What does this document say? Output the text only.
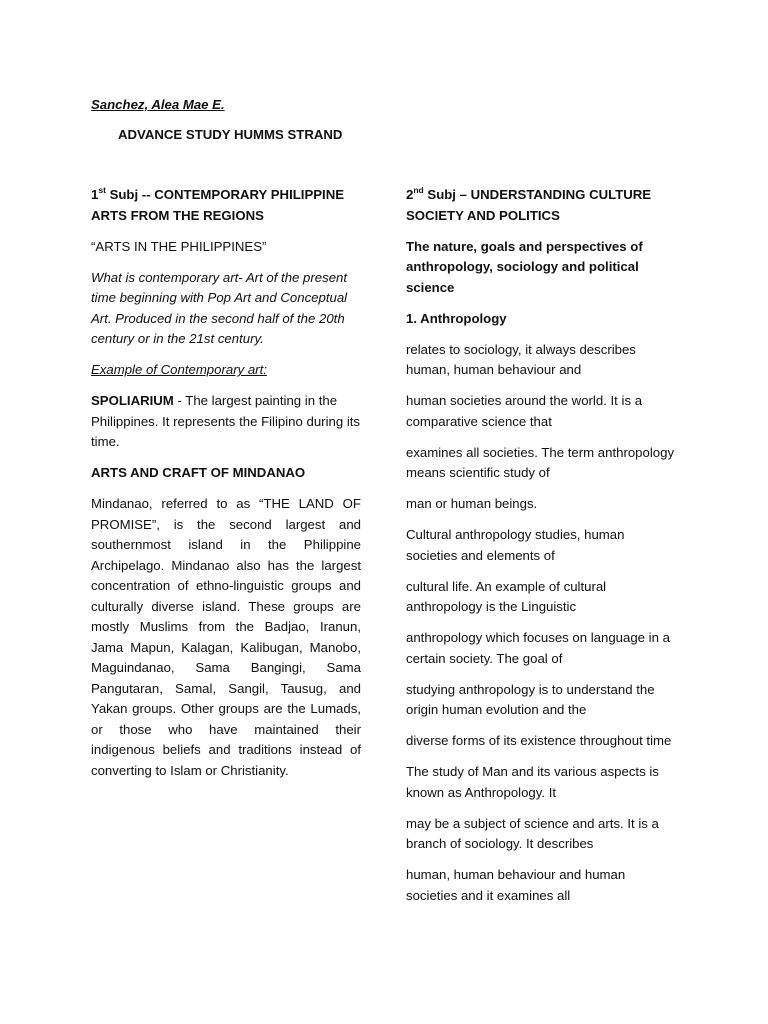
Sanchez, Alea Mae E.
ADVANCE STUDY HUMMS STRAND

1st Subj -- CONTEMPORARY PHILIPPINE ARTS FROM THE REGIONS

“ARTS IN THE PHILIPPINES”

What is contemporary art- Art of the present time beginning with Pop Art and Conceptual Art. Produced in the second half of the 20th century or in the 21st century.

Example of Contemporary art:

SPOLIARIUM - The largest painting in the Philippines. It represents the Filipino during its time.

ARTS AND CRAFT OF MINDANAO

Mindanao, referred to as “THE LAND OF PROMISE”, is the second largest and southernmost island in the Philippine Archipelago. Mindanao also has the largest concentration of ethno-linguistic groups and culturally diverse island. These groups are mostly Muslims from the Badjao, Iranun, Jama Mapun, Kalagan, Kalibugan, Manobo, Maguindanao, Sama Bangingi, Sama Pangutaran, Samal, Sangil, Tausug, and Yakan groups. Other groups are the Lumads, or those who have maintained their indigenous beliefs and traditions instead of converting to Islam or Christianity.

2nd Subj – UNDERSTANDING CULTURE SOCIETY AND POLITICS

The nature, goals and perspectives of anthropology, sociology and political science

1. Anthropology

relates to sociology, it always describes human, human behaviour and

human societies around the world. It is a comparative science that

examines all societies. The term anthropology means scientific study of

man or human beings.

Cultural anthropology studies, human societies and elements of

cultural life. An example of cultural anthropology is the Linguistic

anthropology which focuses on language in a certain society. The goal of

studying anthropology is to understand the origin human evolution and the

diverse forms of its existence throughout time

The study of Man and its various aspects is known as Anthropology. It

may be a subject of science and arts. It is a branch of sociology. It describes

human, human behaviour and human societies and it examines all
